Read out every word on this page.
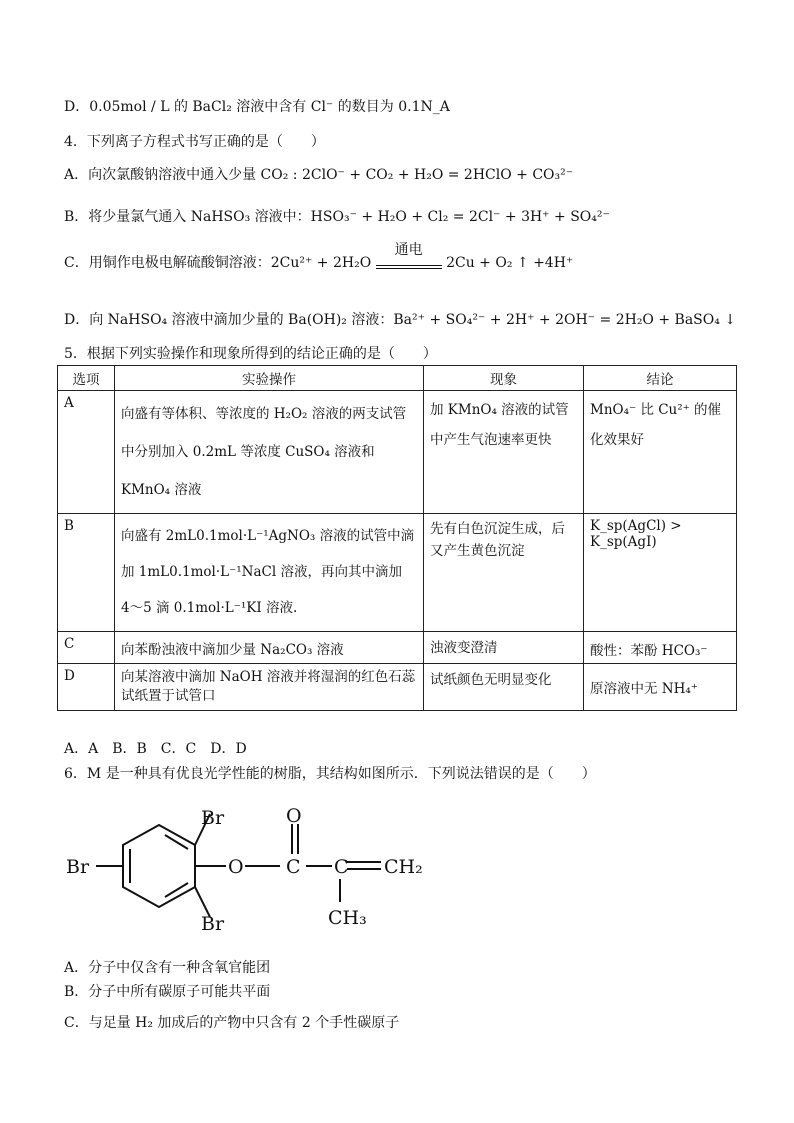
D．0.05mol / L 的 BaCl₂ 溶液中含有 Cl⁻ 的数目为 0.1N_A
4．下列离子方程式书写正确的是（　　）
A．向次氯酸钠溶液中通入少量 CO₂ : 2ClO⁻ + CO₂ + H₂O = 2HClO + CO₃²⁻
B．将少量氯气通入 NaHSO₃ 溶液中：HSO₃⁻ + H₂O + Cl₂ = 2Cl⁻ + 3H⁺ + SO₄²⁻
C．用铜作电极电解硫酸铜溶液：2Cu²⁺ + 2H₂O
通电
2Cu + O₂ ↑ +4H⁺
D．向 NaHSO₄ 溶液中滴加少量的 Ba(OH)₂ 溶液：Ba²⁺ + SO₄²⁻ + 2H⁺ + 2OH⁻ = 2H₂O + BaSO₄ ↓
5．根据下列实验操作和现象所得到的结论正确的是（　　）
选项	实验操作	现象	结论
A	向盛有等体积、等浓度的 H₂O₂ 溶液的两支试管
中分别加入 0.2mL 等浓度 CuSO₄ 溶液和
KMnO₄ 溶液	加 KMnO₄ 溶液的试管中产生气泡速率更快	MnO₄⁻ 比 Cu²⁺ 的催化效果好
B	向盛有 2mL0.1mol·L⁻¹AgNO₃ 溶液的试管中滴
加 1mL0.1mol·L⁻¹NaCl 溶液，再向其中滴加
4～5 滴 0.1mol·L⁻¹KI 溶液.	先有白色沉淀生成，后又产生黄色沉淀	K_sp(AgCl) > K_sp(AgI)
C	向苯酚浊液中滴加少量 Na₂CO₃ 溶液	浊液变澄清	酸性：苯酚 HCO₃⁻
D	向某溶液中滴加 NaOH 溶液并将湿润的红色石蕊试纸置于试管口	试纸颜色无明显变化	原溶液中无 NH₄⁺
A．A　B．B　C．C　D．D
6．M 是一种具有优良光学性能的树脂，其结构如图所示．下列说法错误的是（　　）
Br
Br
Br
O
O
C C CH₂
CH₃
A．分子中仅含有一种含氧官能团
B．分子中所有碳原子可能共平面
C．与足量 H₂ 加成后的产物中只含有 2 个手性碳原子
